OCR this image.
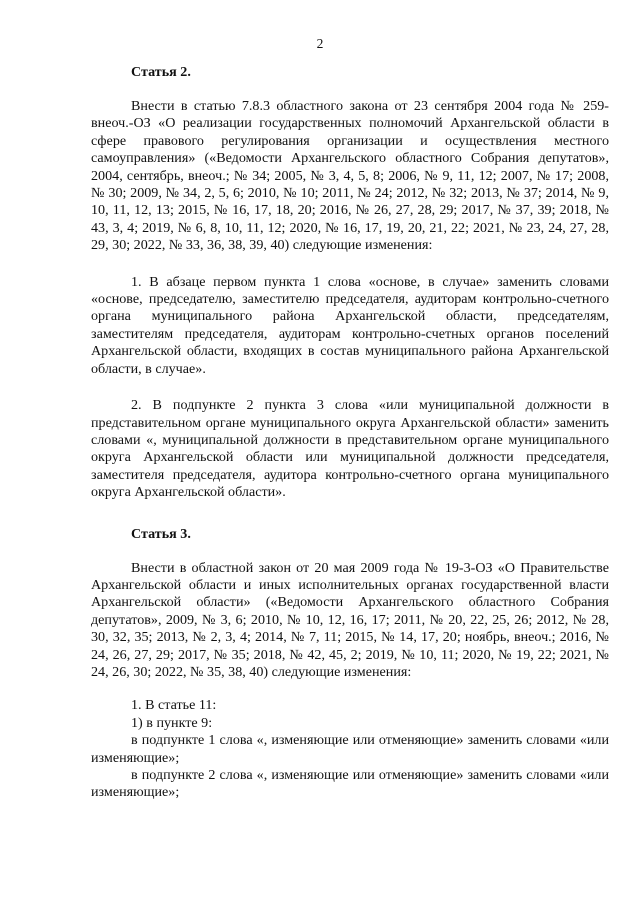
2
Статья 2.

Внести в статью 7.8.3 областного закона от 23 сентября 2004 года № 259-внеоч.-ОЗ «О реализации государственных полномочий Архангельской области в сфере правового регулирования организации и осуществления местного самоуправления» («Ведомости Архангельского областного Собрания депутатов», 2004, сентябрь, внеоч.; № 34; 2005, № 3, 4, 5, 8; 2006, № 9, 11, 12; 2007, № 17; 2008, № 30; 2009, № 34, 2, 5, 6; 2010, № 10; 2011, № 24; 2012, № 32; 2013, № 37; 2014, № 9, 10, 11, 12, 13; 2015, № 16, 17, 18, 20; 2016, № 26, 27, 28, 29; 2017, № 37, 39; 2018, № 43, 3, 4; 2019, № 6, 8, 10, 11, 12; 2020, № 16, 17, 19, 20, 21, 22; 2021, № 23, 24, 27, 28, 29, 30; 2022, № 33, 36, 38, 39, 40) следующие изменения:

1. В абзаце первом пункта 1 слова «основе, в случае» заменить словами «основе, председателю, заместителю председателя, аудиторам контрольно-счетного органа муниципального района Архангельской области, председателям, заместителям председателя, аудиторам контрольно-счетных органов поселений Архангельской области, входящих в состав муниципального района Архангельской области, в случае».

2. В подпункте 2 пункта 3 слова «или муниципальной должности в представительном органе муниципального округа Архангельской области» заменить словами «, муниципальной должности в представительном органе муниципального округа Архангельской области или муниципальной должности председателя, заместителя председателя, аудитора контрольно-счетного органа муниципального округа Архангельской области».

Статья 3.

Внести в областной закон от 20 мая 2009 года № 19-3-ОЗ «О Правительстве Архангельской области и иных исполнительных органах государственной власти Архангельской области» («Ведомости Архангельского областного Собрания депутатов», 2009, № 3, 6; 2010, № 10, 12, 16, 17; 2011, № 20, 22, 25, 26; 2012, № 28, 30, 32, 35; 2013, № 2, 3, 4; 2014, № 7, 11; 2015, № 14, 17, 20; ноябрь, внеоч.; 2016, № 24, 26, 27, 29; 2017, № 35; 2018, № 42, 45, 2; 2019, № 10, 11; 2020, № 19, 22; 2021, № 24, 26, 30; 2022, № 35, 38, 40) следующие изменения:

1. В статье 11:

1) в пункте 9:

в подпункте 1 слова «, изменяющие или отменяющие» заменить словами «или изменяющие»;

в подпункте 2 слова «, изменяющие или отменяющие» заменить словами «или изменяющие»;
